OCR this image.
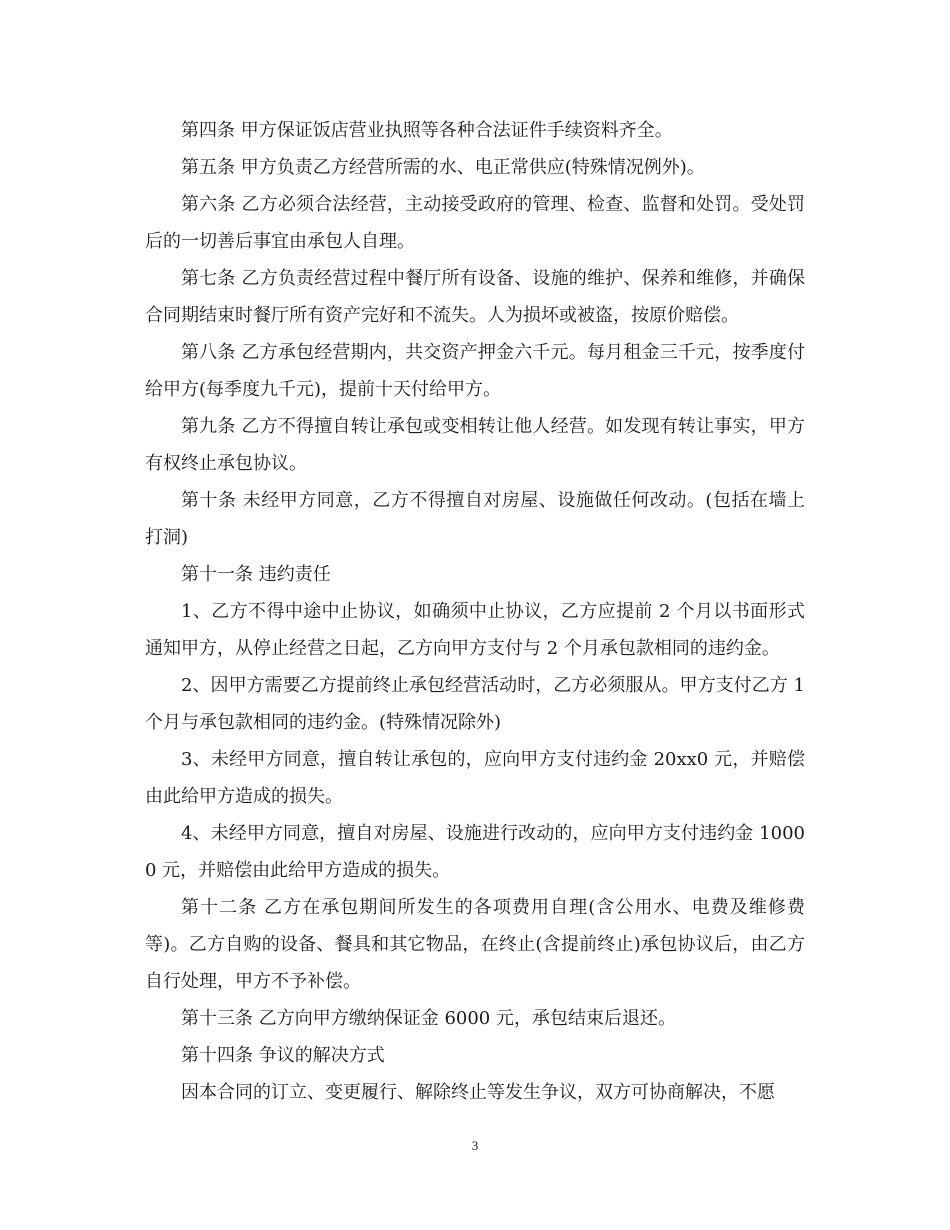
第四条 甲方保证饭店营业执照等各种合法证件手续资料齐全。

第五条 甲方负责乙方经营所需的水、电正常供应(特殊情况例外)。

第六条 乙方必须合法经营，主动接受政府的管理、检查、监督和处罚。受处罚后的一切善后事宜由承包人自理。

第七条 乙方负责经营过程中餐厅所有设备、设施的维护、保养和维修，并确保合同期结束时餐厅所有资产完好和不流失。人为损坏或被盗，按原价赔偿。

第八条 乙方承包经营期内，共交资产押金六千元。每月租金三千元，按季度付给甲方(每季度九千元)，提前十天付给甲方。

第九条 乙方不得擅自转让承包或变相转让他人经营。如发现有转让事实，甲方有权终止承包协议。

第十条 未经甲方同意，乙方不得擅自对房屋、设施做任何改动。(包括在墙上打洞)

第十一条 违约责任

1、乙方不得中途中止协议，如确须中止协议，乙方应提前 2 个月以书面形式通知甲方，从停止经营之日起，乙方向甲方支付与 2 个月承包款相同的违约金。

2、因甲方需要乙方提前终止承包经营活动时，乙方必须服从。甲方支付乙方 1 个月与承包款相同的违约金。(特殊情况除外)

3、未经甲方同意，擅自转让承包的，应向甲方支付违约金 20xx0 元，并赔偿由此给甲方造成的损失。

4、未经甲方同意，擅自对房屋、设施进行改动的，应向甲方支付违约金 10000 元，并赔偿由此给甲方造成的损失。

第十二条 乙方在承包期间所发生的各项费用自理(含公用水、电费及维修费等)。乙方自购的设备、餐具和其它物品，在终止(含提前终止)承包协议后，由乙方自行处理，甲方不予补偿。

第十三条 乙方向甲方缴纳保证金 6000 元，承包结束后退还。

第十四条 争议的解决方式

因本合同的订立、变更履行、解除终止等发生争议，双方可协商解决，不愿

3
